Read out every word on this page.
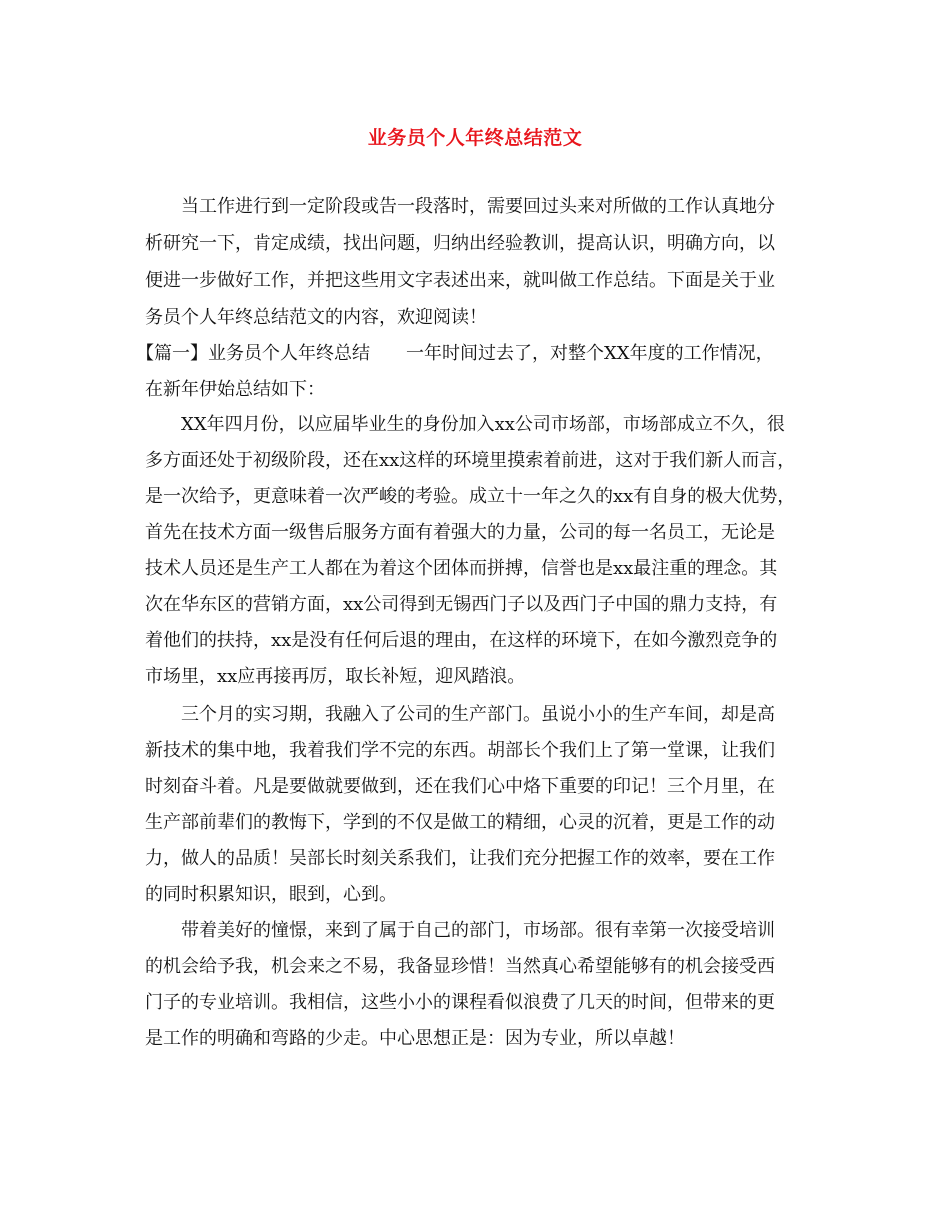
业务员个人年终总结范文
当工作进行到一定阶段或告一段落时，需要回过头来对所做的工作认真地分
析研究一下，肯定成绩，找出问题，归纳出经验教训，提高认识，明确方向，以
便进一步做好工作，并把这些用文字表述出来，就叫做工作总结。下面是关于业
务员个人年终总结范文的内容，欢迎阅读！
【篇一】业务员个人年终总结　　一年时间过去了，对整个XX年度的工作情况，
在新年伊始总结如下：
XX年四月份，以应届毕业生的身份加入xx公司市场部，市场部成立不久，很
多方面还处于初级阶段，还在xx这样的环境里摸索着前进，这对于我们新人而言，
是一次给予，更意味着一次严峻的考验。成立十一年之久的xx有自身的极大优势，
首先在技术方面一级售后服务方面有着强大的力量，公司的每一名员工，无论是
技术人员还是生产工人都在为着这个团体而拼搏，信誉也是xx最注重的理念。其
次在华东区的营销方面，xx公司得到无锡西门子以及西门子中国的鼎力支持，有
着他们的扶持，xx是没有任何后退的理由，在这样的环境下，在如今激烈竞争的
市场里，xx应再接再厉，取长补短，迎风踏浪。
三个月的实习期，我融入了公司的生产部门。虽说小小的生产车间，却是高
新技术的集中地，我着我们学不完的东西。胡部长个我们上了第一堂课，让我们
时刻奋斗着。凡是要做就要做到，还在我们心中烙下重要的印记！三个月里，在
生产部前辈们的教悔下，学到的不仅是做工的精细，心灵的沉着，更是工作的动
力，做人的品质！吴部长时刻关系我们，让我们充分把握工作的效率，要在工作
的同时积累知识，眼到，心到。
带着美好的憧憬，来到了属于自己的部门，市场部。很有幸第一次接受培训
的机会给予我，机会来之不易，我备显珍惜！当然真心希望能够有的机会接受西
门子的专业培训。我相信，这些小小的课程看似浪费了几天的时间，但带来的更
是工作的明确和弯路的少走。中心思想正是：因为专业，所以卓越！
